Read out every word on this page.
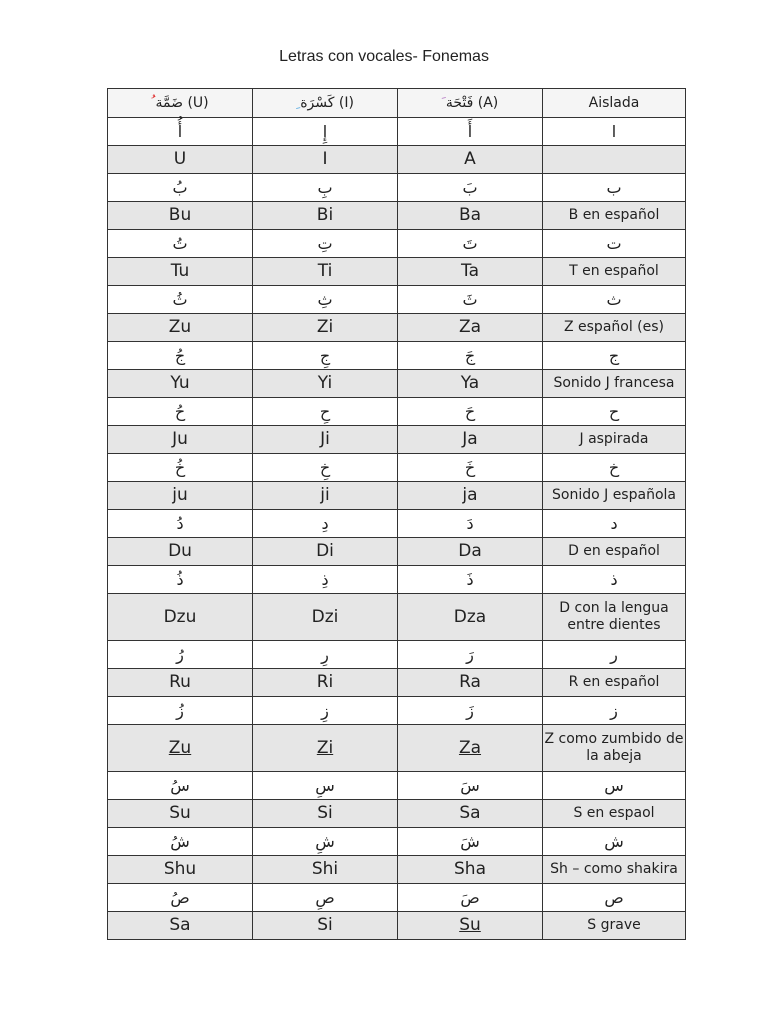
Letras con vocales- Fonemas
ُ ضَمَّة (U)	ِ كَسْرَة (I)	َ فَتْحَة (A)	Aislada
أُ	إِ	أَ	ا
U	I	A	
بُ	بِ	بَ	ب
Bu	Bi	Ba	B en español
تُ	تِ	تَ	ت
Tu	Ti	Ta	T en español
ثُ	ثِ	ثَ	ث
Zu	Zi	Za	Z español (es)
جُ	جِ	جَ	ج
Yu	Yi	Ya	Sonido J francesa
حُ	حِ	حَ	ح
Ju	Ji	Ja	J aspirada
خُ	خِ	خَ	خ
ju	ji	ja	Sonido J española
دُ	دِ	دَ	د
Du	Di	Da	D en español
ذُ	ذِ	ذَ	ذ
Dzu	Dzi	Dza	D con la lengua entre dientes
رُ	رِ	رَ	ر
Ru	Ri	Ra	R en español
زُ	زِ	زَ	ز
Zu	Zi	Za	Z como zumbido de la abeja
سُ	سِ	سَ	س
Su	Si	Sa	S en espaol
شُ	شِ	شَ	ش
Shu	Shi	Sha	Sh – como shakira
صُ	صِ	صَ	ص
Sa	Si	Su	S grave
